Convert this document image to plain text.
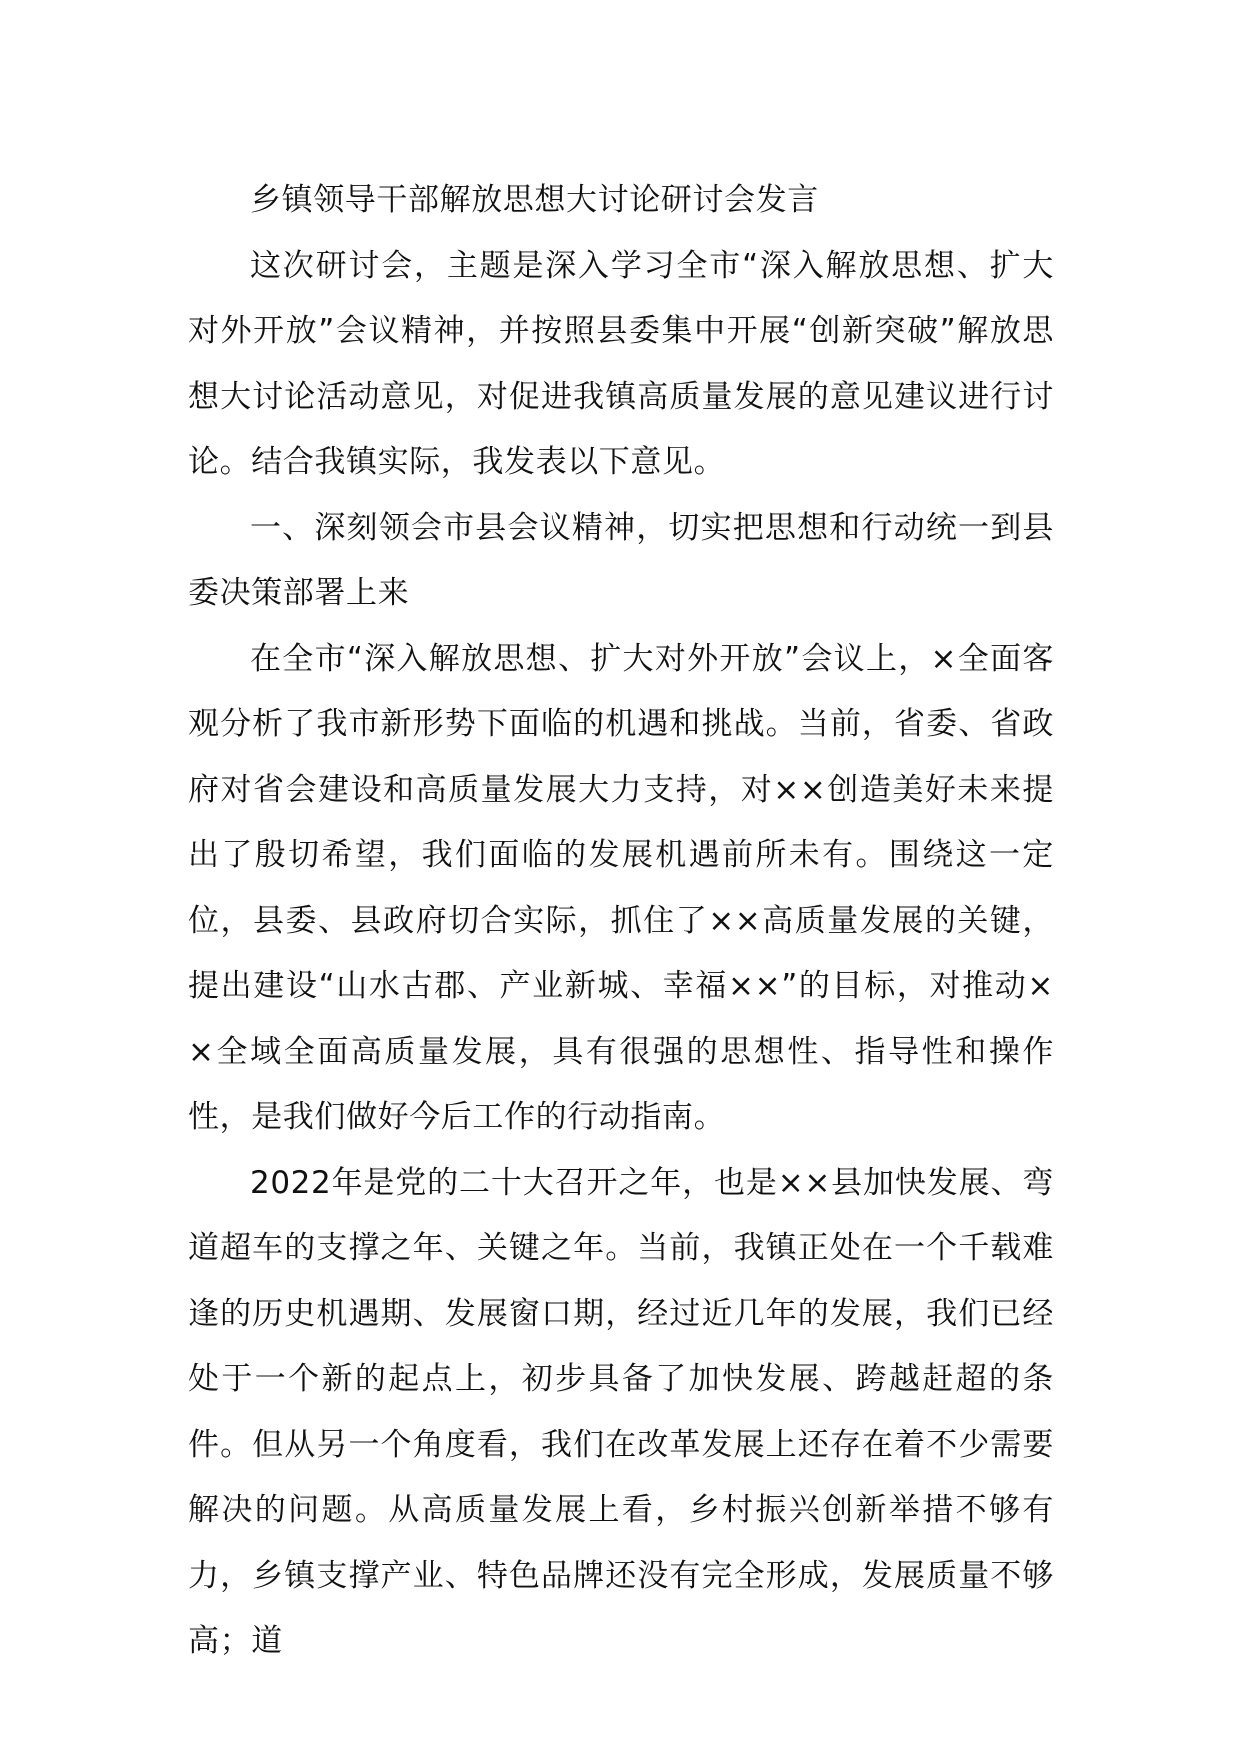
乡镇领导干部解放思想大讨论研讨会发言

这次研讨会，主题是深入学习全市“深入解放思想、扩大对外开放”会议精神，并按照县委集中开展“创新突破”解放思想大讨论活动意见，对促进我镇高质量发展的意见建议进行讨论。结合我镇实际，我发表以下意见。

一、深刻领会市县会议精神，切实把思想和行动统一到县委决策部署上来

在全市“深入解放思想、扩大对外开放”会议上，×全面客观分析了我市新形势下面临的机遇和挑战。当前，省委、省政府对省会建设和高质量发展大力支持，对××创造美好未来提出了殷切希望，我们面临的发展机遇前所未有。围绕这一定位，县委、县政府切合实际，抓住了××高质量发展的关键，提出建设“山水古郡、产业新城、幸福××”的目标，对推动××全域全面高质量发展，具有很强的思想性、指导性和操作性，是我们做好今后工作的行动指南。

2022年是党的二十大召开之年，也是××县加快发展、弯道超车的支撑之年、关键之年。当前，我镇正处在一个千载难逢的历史机遇期、发展窗口期，经过近几年的发展，我们已经处于一个新的起点上，初步具备了加快发展、跨越赶超的条件。但从另一个角度看，我们在改革发展上还存在着不少需要解决的问题。从高质量发展上看，乡村振兴创新举措不够有力，乡镇支撑产业、特色品牌还没有完全形成，发展质量不够高；道
